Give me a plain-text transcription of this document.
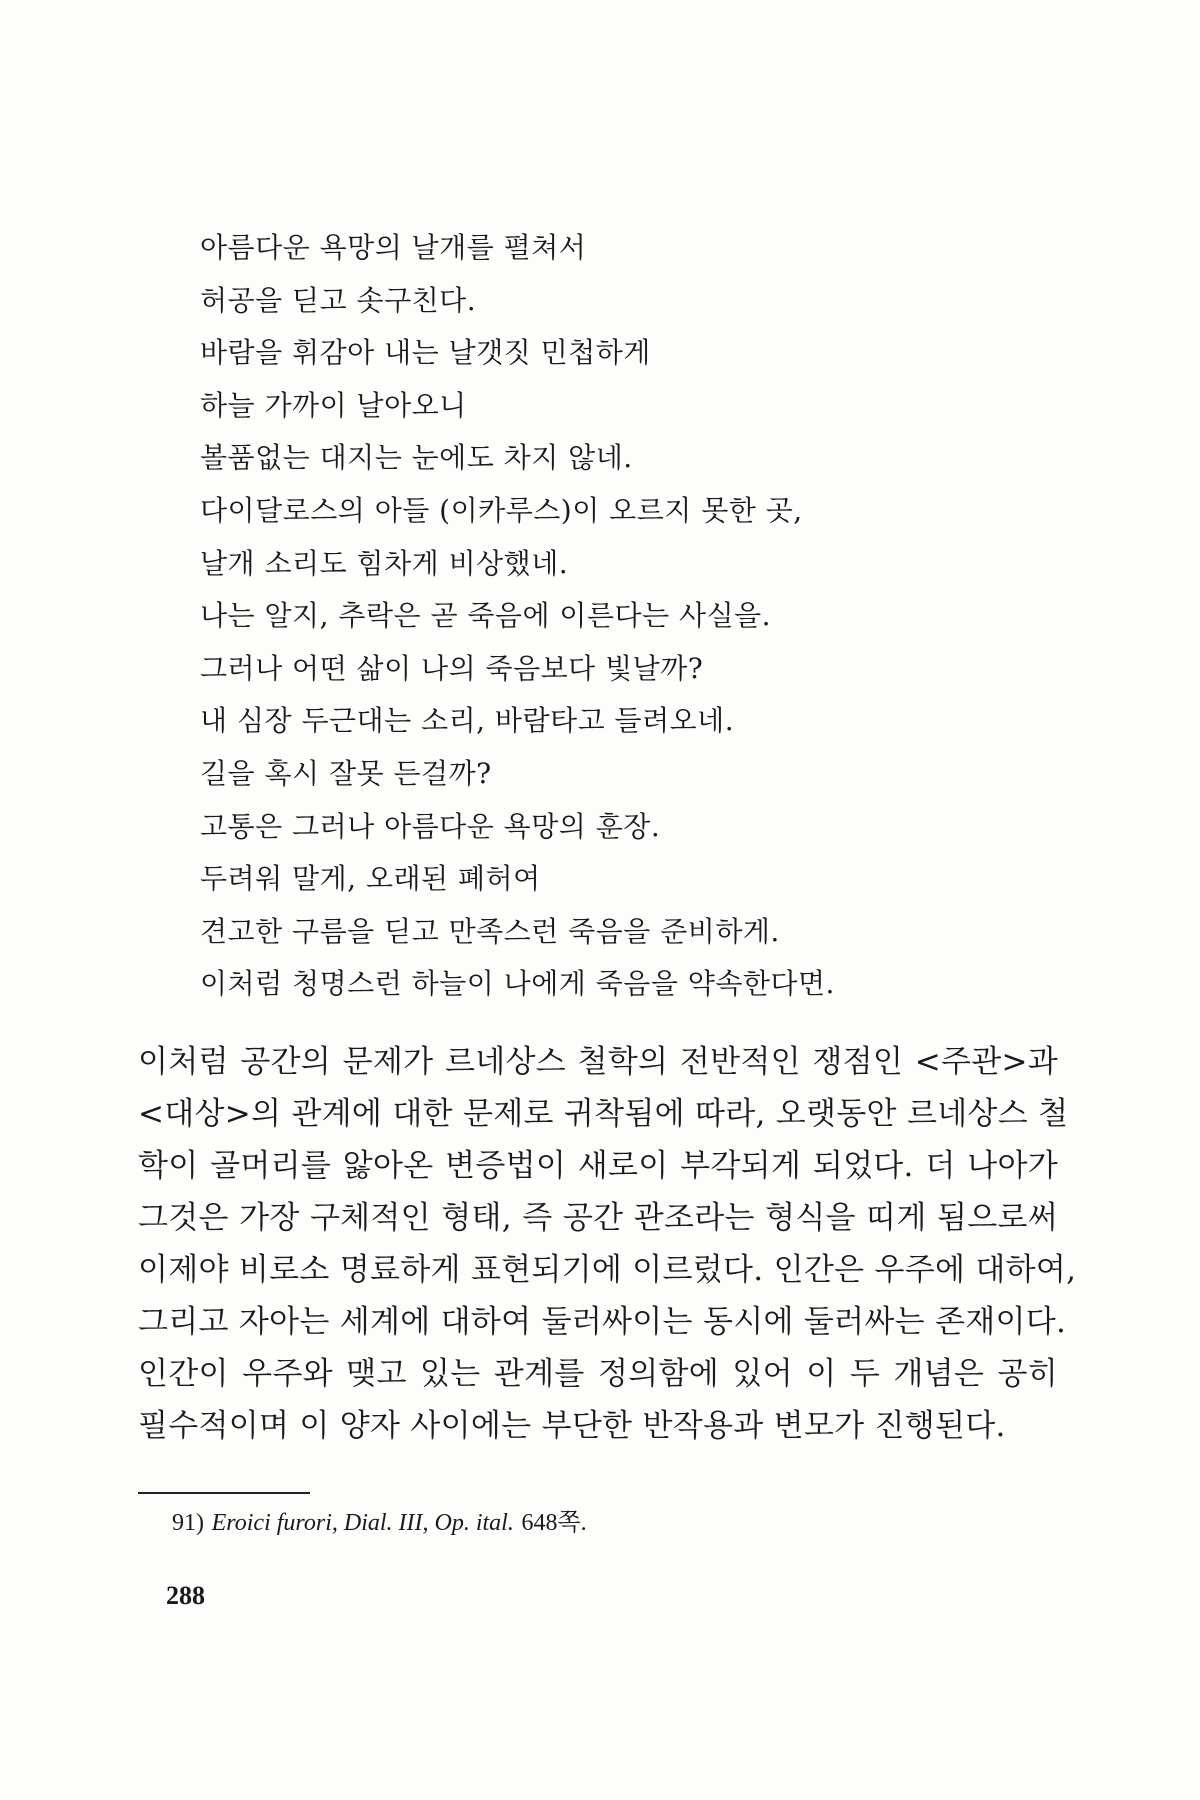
아름다운 욕망의 날개를 펼쳐서
허공을 딛고 솟구친다.
바람을 휘감아 내는 날갯짓 민첩하게
하늘 가까이 날아오니
볼품없는 대지는 눈에도 차지 않네.
다이달로스의 아들 (이카루스)이 오르지 못한 곳,
날개 소리도 힘차게 비상했네.
나는 알지, 추락은 곧 죽음에 이른다는 사실을.
그러나 어떤 삶이 나의 죽음보다 빛날까?
내 심장 두근대는 소리, 바람타고 들려오네.
길을 혹시 잘못 든걸까?
고통은 그러나 아름다운 욕망의 훈장.
두려워 말게, 오래된 폐허여
견고한 구름을 딛고 만족스런 죽음을 준비하게.
이처럼 청명스런 하늘이 나에게 죽음을 약속한다면.
이처럼 공간의 문제가 르네상스 철학의 전반적인 쟁점인 <주관>과
<대상>의 관계에 대한 문제로 귀착됨에 따라, 오랫동안 르네상스 철
학이 골머리를 앓아온 변증법이 새로이 부각되게 되었다. 더 나아가
그것은 가장 구체적인 형태, 즉 공간 관조라는 형식을 띠게 됨으로써
이제야 비로소 명료하게 표현되기에 이르렀다. 인간은 우주에 대하여,
그리고 자아는 세계에 대하여 둘러싸이는 동시에 둘러싸는 존재이다.
인간이 우주와 맺고 있는 관계를 정의함에 있어 이 두 개념은 공히
필수적이며 이 양자 사이에는 부단한 반작용과 변모가 진행된다.
91) Eroici furori, Dial. III, Op. ital. 648쪽.
288
